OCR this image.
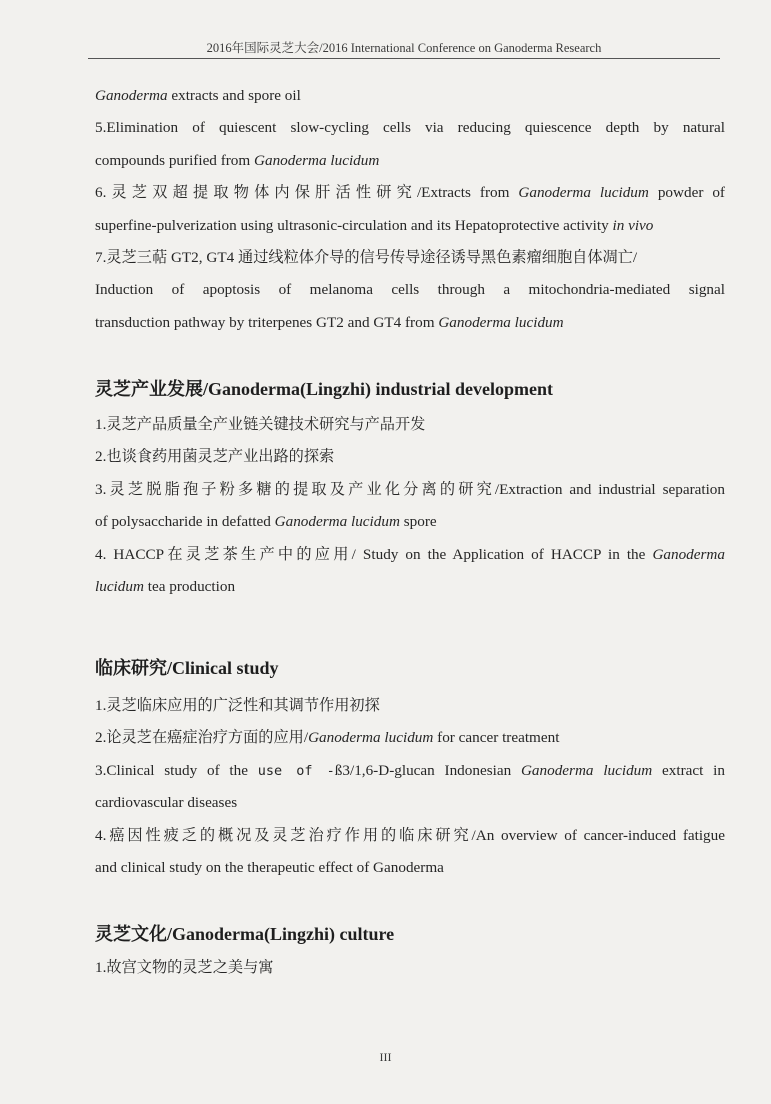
2016年国际灵芝大会/2016 International Conference on Ganoderma Research
Ganoderma extracts and spore oil
5.Elimination of quiescent slow-cycling cells via reducing quiescence depth by natural
compounds purified from Ganoderma lucidum
6.灵芝双超提取物体内保肝活性研究/Extracts from Ganoderma lucidum powder of
superfine-pulverization using ultrasonic-circulation and its Hepatoprotective activity in vivo
7.灵芝三萜 GT2, GT4 通过线粒体介导的信号传导途径诱导黑色素瘤细胞自体凋亡/
Induction of apoptosis of melanoma cells through a mitochondria-mediated signal
transduction pathway by triterpenes GT2 and GT4 from Ganoderma lucidum
灵芝产业发展/Ganoderma(Lingzhi) industrial development
1.灵芝产品质量全产业链关键技术研究与产品开发
2.也谈食药用菌灵芝产业出路的探索
3.灵芝脱脂孢子粉多糖的提取及产业化分离的研究/Extraction and industrial separation
of polysaccharide in defatted Ganoderma lucidum spore
4. HACCP在灵芝茶生产中的应用/ Study on the Application of HACCP in the Ganoderma
lucidum tea production
临床研究/Clinical study
1.灵芝临床应用的广泛性和其调节作用初探
2.论灵芝在癌症治疗方面的应用/Ganoderma lucidum for cancer treatment
3.Clinical study of the use of -ß3/1,6-D-glucan Indonesian Ganoderma lucidum extract in
cardiovascular diseases
4.癌因性疲乏的概况及灵芝治疗作用的临床研究/An overview of cancer-induced fatigue
and clinical study on the therapeutic effect of Ganoderma
灵芝文化/Ganoderma(Lingzhi) culture
1.故宫文物的灵芝之美与寓
III
